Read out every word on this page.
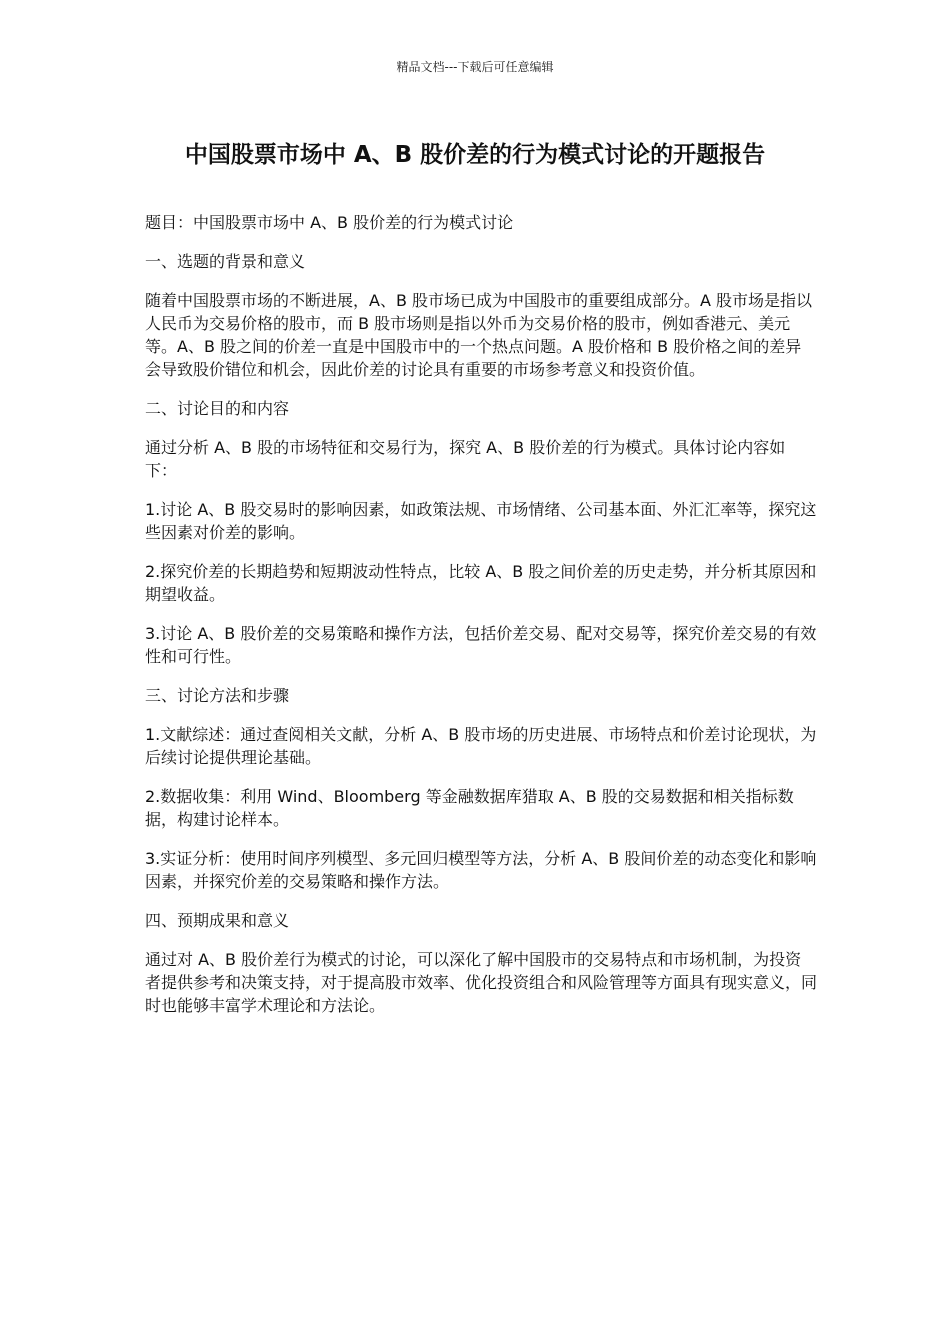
精品文档---下载后可任意编辑
中国股票市场中 A、B 股价差的行为模式讨论的开题报告

题目：中国股票市场中 A、B 股价差的行为模式讨论

一、选题的背景和意义

随着中国股票市场的不断进展，A、B 股市场已成为中国股市的重要组成部分。A 股市场是指以人民币为交易价格的股市，而 B 股市场则是指以外币为交易价格的股市，例如香港元、美元等。A、B 股之间的价差一直是中国股市中的一个热点问题。A 股价格和 B 股价格之间的差异会导致股价错位和机会，因此价差的讨论具有重要的市场参考意义和投资价值。

二、讨论目的和内容

通过分析 A、B 股的市场特征和交易行为，探究 A、B 股价差的行为模式。具体讨论内容如下：

1.讨论 A、B 股交易时的影响因素，如政策法规、市场情绪、公司基本面、外汇汇率等，探究这些因素对价差的影响。

2.探究价差的长期趋势和短期波动性特点，比较 A、B 股之间价差的历史走势，并分析其原因和期望收益。

3.讨论 A、B 股价差的交易策略和操作方法，包括价差交易、配对交易等，探究价差交易的有效性和可行性。

三、讨论方法和步骤

1.文献综述：通过查阅相关文献，分析 A、B 股市场的历史进展、市场特点和价差讨论现状，为后续讨论提供理论基础。

2.数据收集：利用 Wind、Bloomberg 等金融数据库猎取 A、B 股的交易数据和相关指标数据，构建讨论样本。

3.实证分析：使用时间序列模型、多元回归模型等方法，分析 A、B 股间价差的动态变化和影响因素，并探究价差的交易策略和操作方法。

四、预期成果和意义

通过对 A、B 股价差行为模式的讨论，可以深化了解中国股市的交易特点和市场机制，为投资者提供参考和决策支持，对于提高股市效率、优化投资组合和风险管理等方面具有现实意义，同时也能够丰富学术理论和方法论。
